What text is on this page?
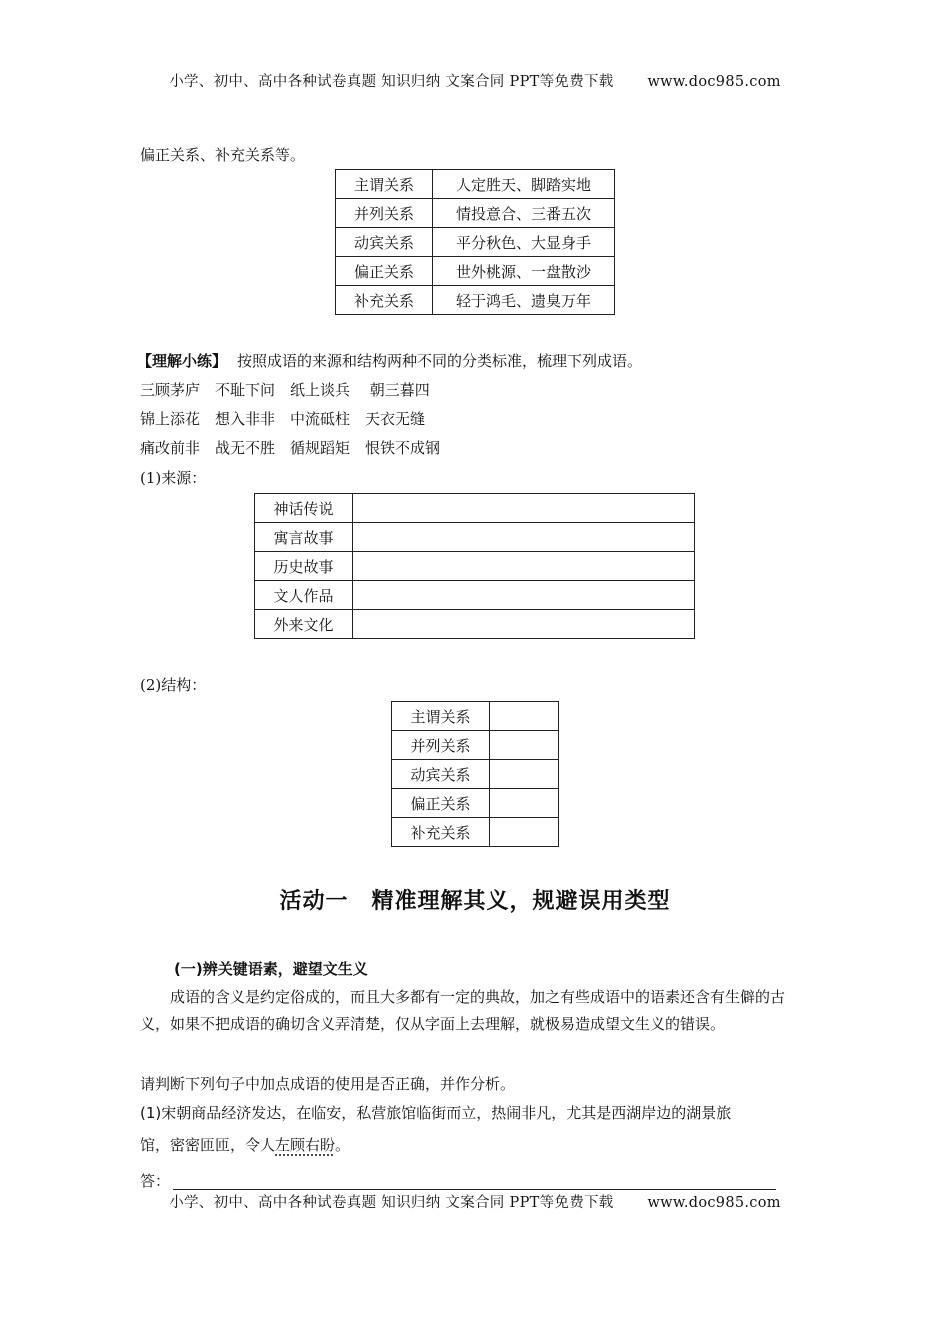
小学、初中、高中各种试卷真题 知识归纳 文案合同 PPT等免费下载 www.doc985.com
偏正关系、补充关系等。
主谓关系	人定胜天、脚踏实地
并列关系	情投意合、三番五次
动宾关系	平分秋色、大显身手
偏正关系	世外桃源、一盘散沙
补充关系	轻于鸿毛、遗臭万年
【理解小练】 按照成语的来源和结构两种不同的分类标准，梳理下列成语。
三顾茅庐　不耻下问　纸上谈兵　 朝三暮四
锦上添花　想入非非　中流砥柱　天衣无缝
痛改前非　战无不胜　循规蹈矩　恨铁不成钢
(1)来源：
神话传说	
寓言故事	
历史故事	
文人作品	
外来文化	
(2)结构：
主谓关系	
并列关系	
动宾关系	
偏正关系	
补充关系	
活动一　精准理解其义，规避误用类型
(一)辨关键语素，避望文生义
成语的含义是约定俗成的，而且大多都有一定的典故，加之有些成语中的语素还含有生僻的古义，如果不把成语的确切含义弄清楚，仅从字面上去理解，就极易造成望文生义的错误。
请判断下列句子中加点成语的使用是否正确，并作分析。
(1)宋朝商品经济发达，在临安，私营旅馆临街而立，热闹非凡，尤其是西湖岸边的湖景旅
馆，密密匝匝，令人左顾右盼。
答：
小学、初中、高中各种试卷真题 知识归纳 文案合同 PPT等免费下载 www.doc985.com
